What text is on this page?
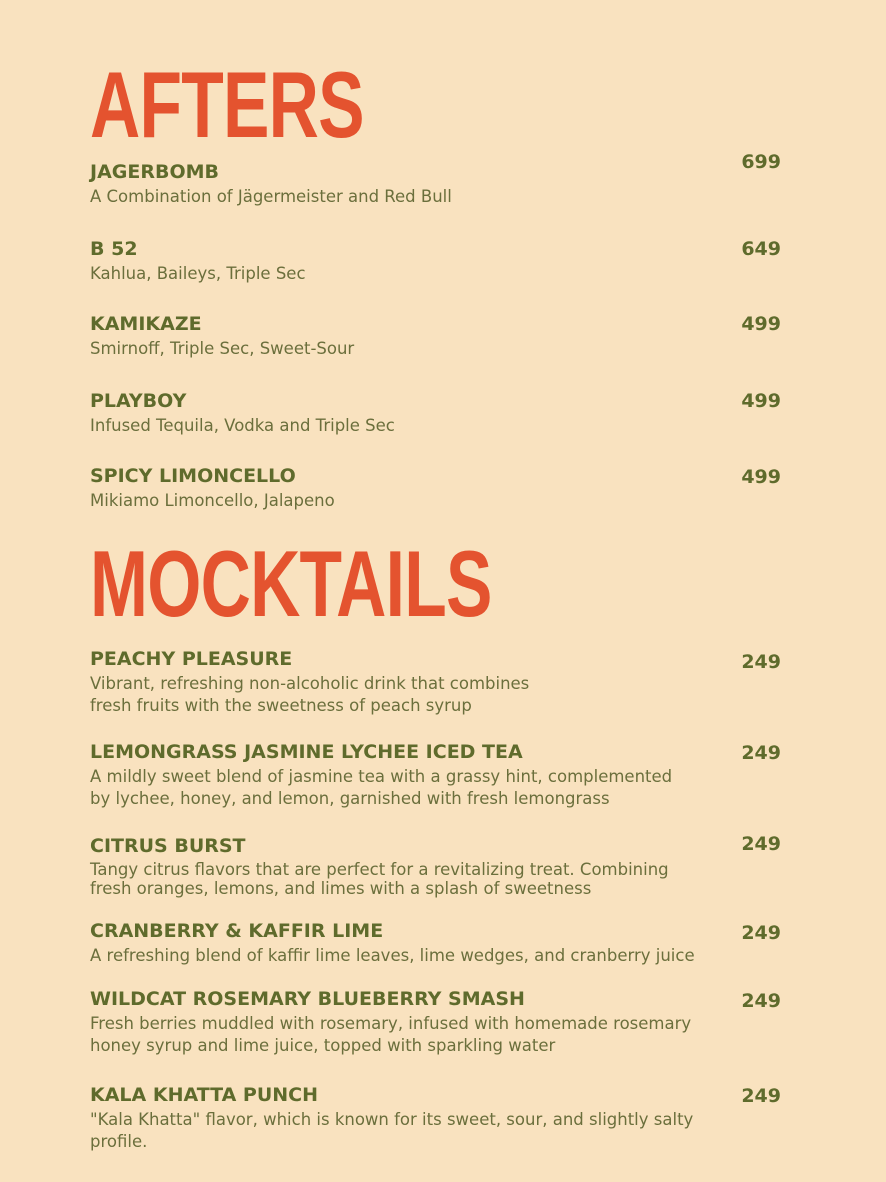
AFTERS
JAGERBOMB
A Combination of Jägermeister and Red Bull
699
B 52
Kahlua, Baileys, Triple Sec
649
KAMIKAZE
Smirnoff, Triple Sec, Sweet-Sour
499
PLAYBOY
Infused Tequila, Vodka and Triple Sec
499
SPICY LIMONCELLO
Mikiamo Limoncello, Jalapeno
499
MOCKTAILS
PEACHY PLEASURE
Vibrant, refreshing non-alcoholic drink that combines fresh fruits with the sweetness of peach syrup
249
LEMONGRASS JASMINE LYCHEE ICED TEA
A mildly sweet blend of jasmine tea with a grassy hint, complemented by lychee, honey, and lemon, garnished with fresh lemongrass
249
CITRUS BURST
Tangy citrus flavors that are perfect for a revitalizing treat. Combining fresh oranges, lemons, and limes with a splash of sweetness
249
CRANBERRY & KAFFIR LIME
A refreshing blend of kaffir lime leaves, lime wedges, and cranberry juice
249
WILDCAT ROSEMARY BLUEBERRY SMASH
Fresh berries muddled with rosemary, infused with homemade rosemary honey syrup and lime juice, topped with sparkling water
249
KALA KHATTA PUNCH
"Kala Khatta" flavor, which is known for its sweet, sour, and slightly salty profile.
249
